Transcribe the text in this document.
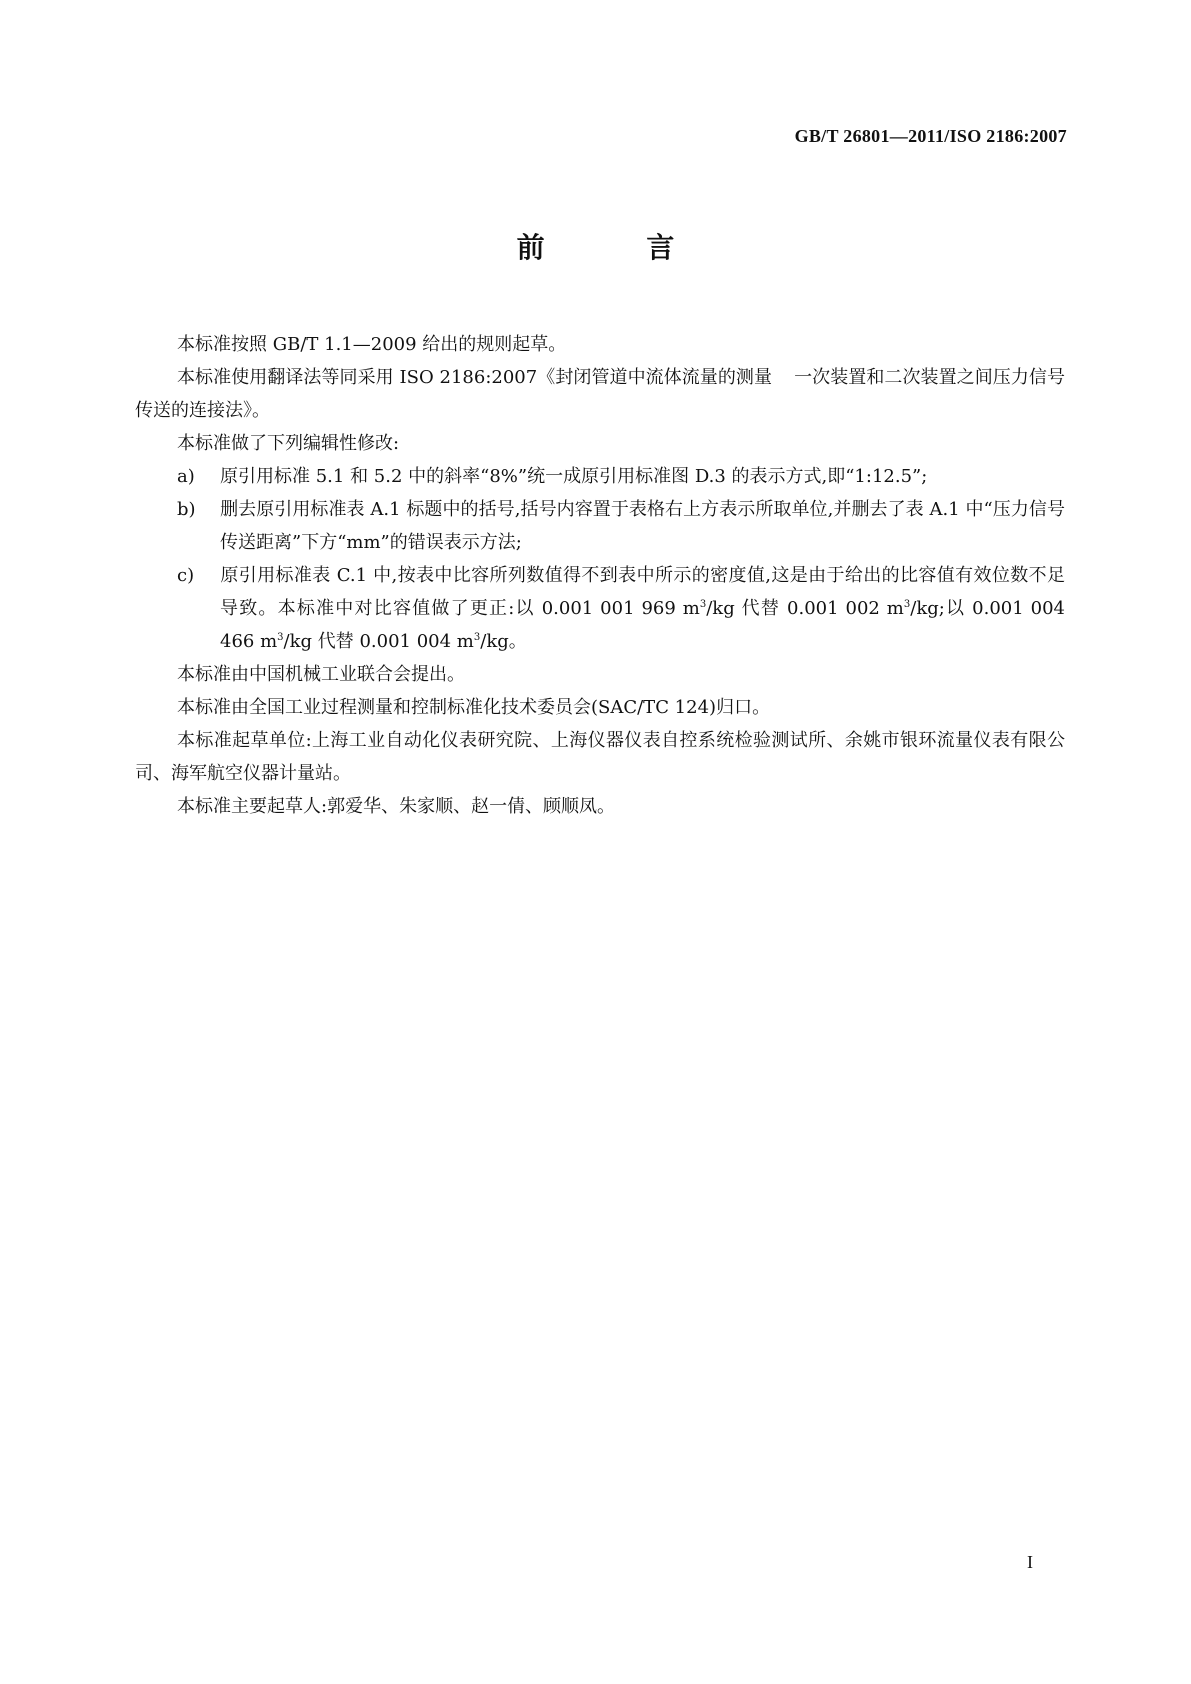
GB/T 26801—2011/ISO 2186:2007
前 言

本标准按照 GB/T 1.1—2009 给出的规则起草。

本标准使用翻译法等同采用 ISO 2186:2007《封闭管道中流体流量的测量 一次装置和二次装置之间压力信号传送的连接法》。

本标准做了下列编辑性修改:

a) 原引用标准 5.1 和 5.2 中的斜率“8%”统一成原引用标准图 D.3 的表示方式,即“1:12.5”;

b) 删去原引用标准表 A.1 标题中的括号,括号内容置于表格右上方表示所取单位,并删去了表 A.1 中“压力信号传送距离”下方“mm”的错误表示方法;

c) 原引用标准表 C.1 中,按表中比容所列数值得不到表中所示的密度值,这是由于给出的比容值有效位数不足导致。本标准中对比容值做了更正:以 0.001 001 969 $m^3/kg$ 代替 0.001 002 $m^3/kg$;以 0.001 004 466 $m^3/kg$ 代替 0.001 004 $m^3/kg$。

本标准由中国机械工业联合会提出。

本标准由全国工业过程测量和控制标准化技术委员会(SAC/TC 124)归口。

本标准起草单位:上海工业自动化仪表研究院、上海仪器仪表自控系统检验测试所、余姚市银环流量仪表有限公司、海军航空仪器计量站。

本标准主要起草人:郭爱华、朱家顺、赵一倩、顾顺凤。

I
